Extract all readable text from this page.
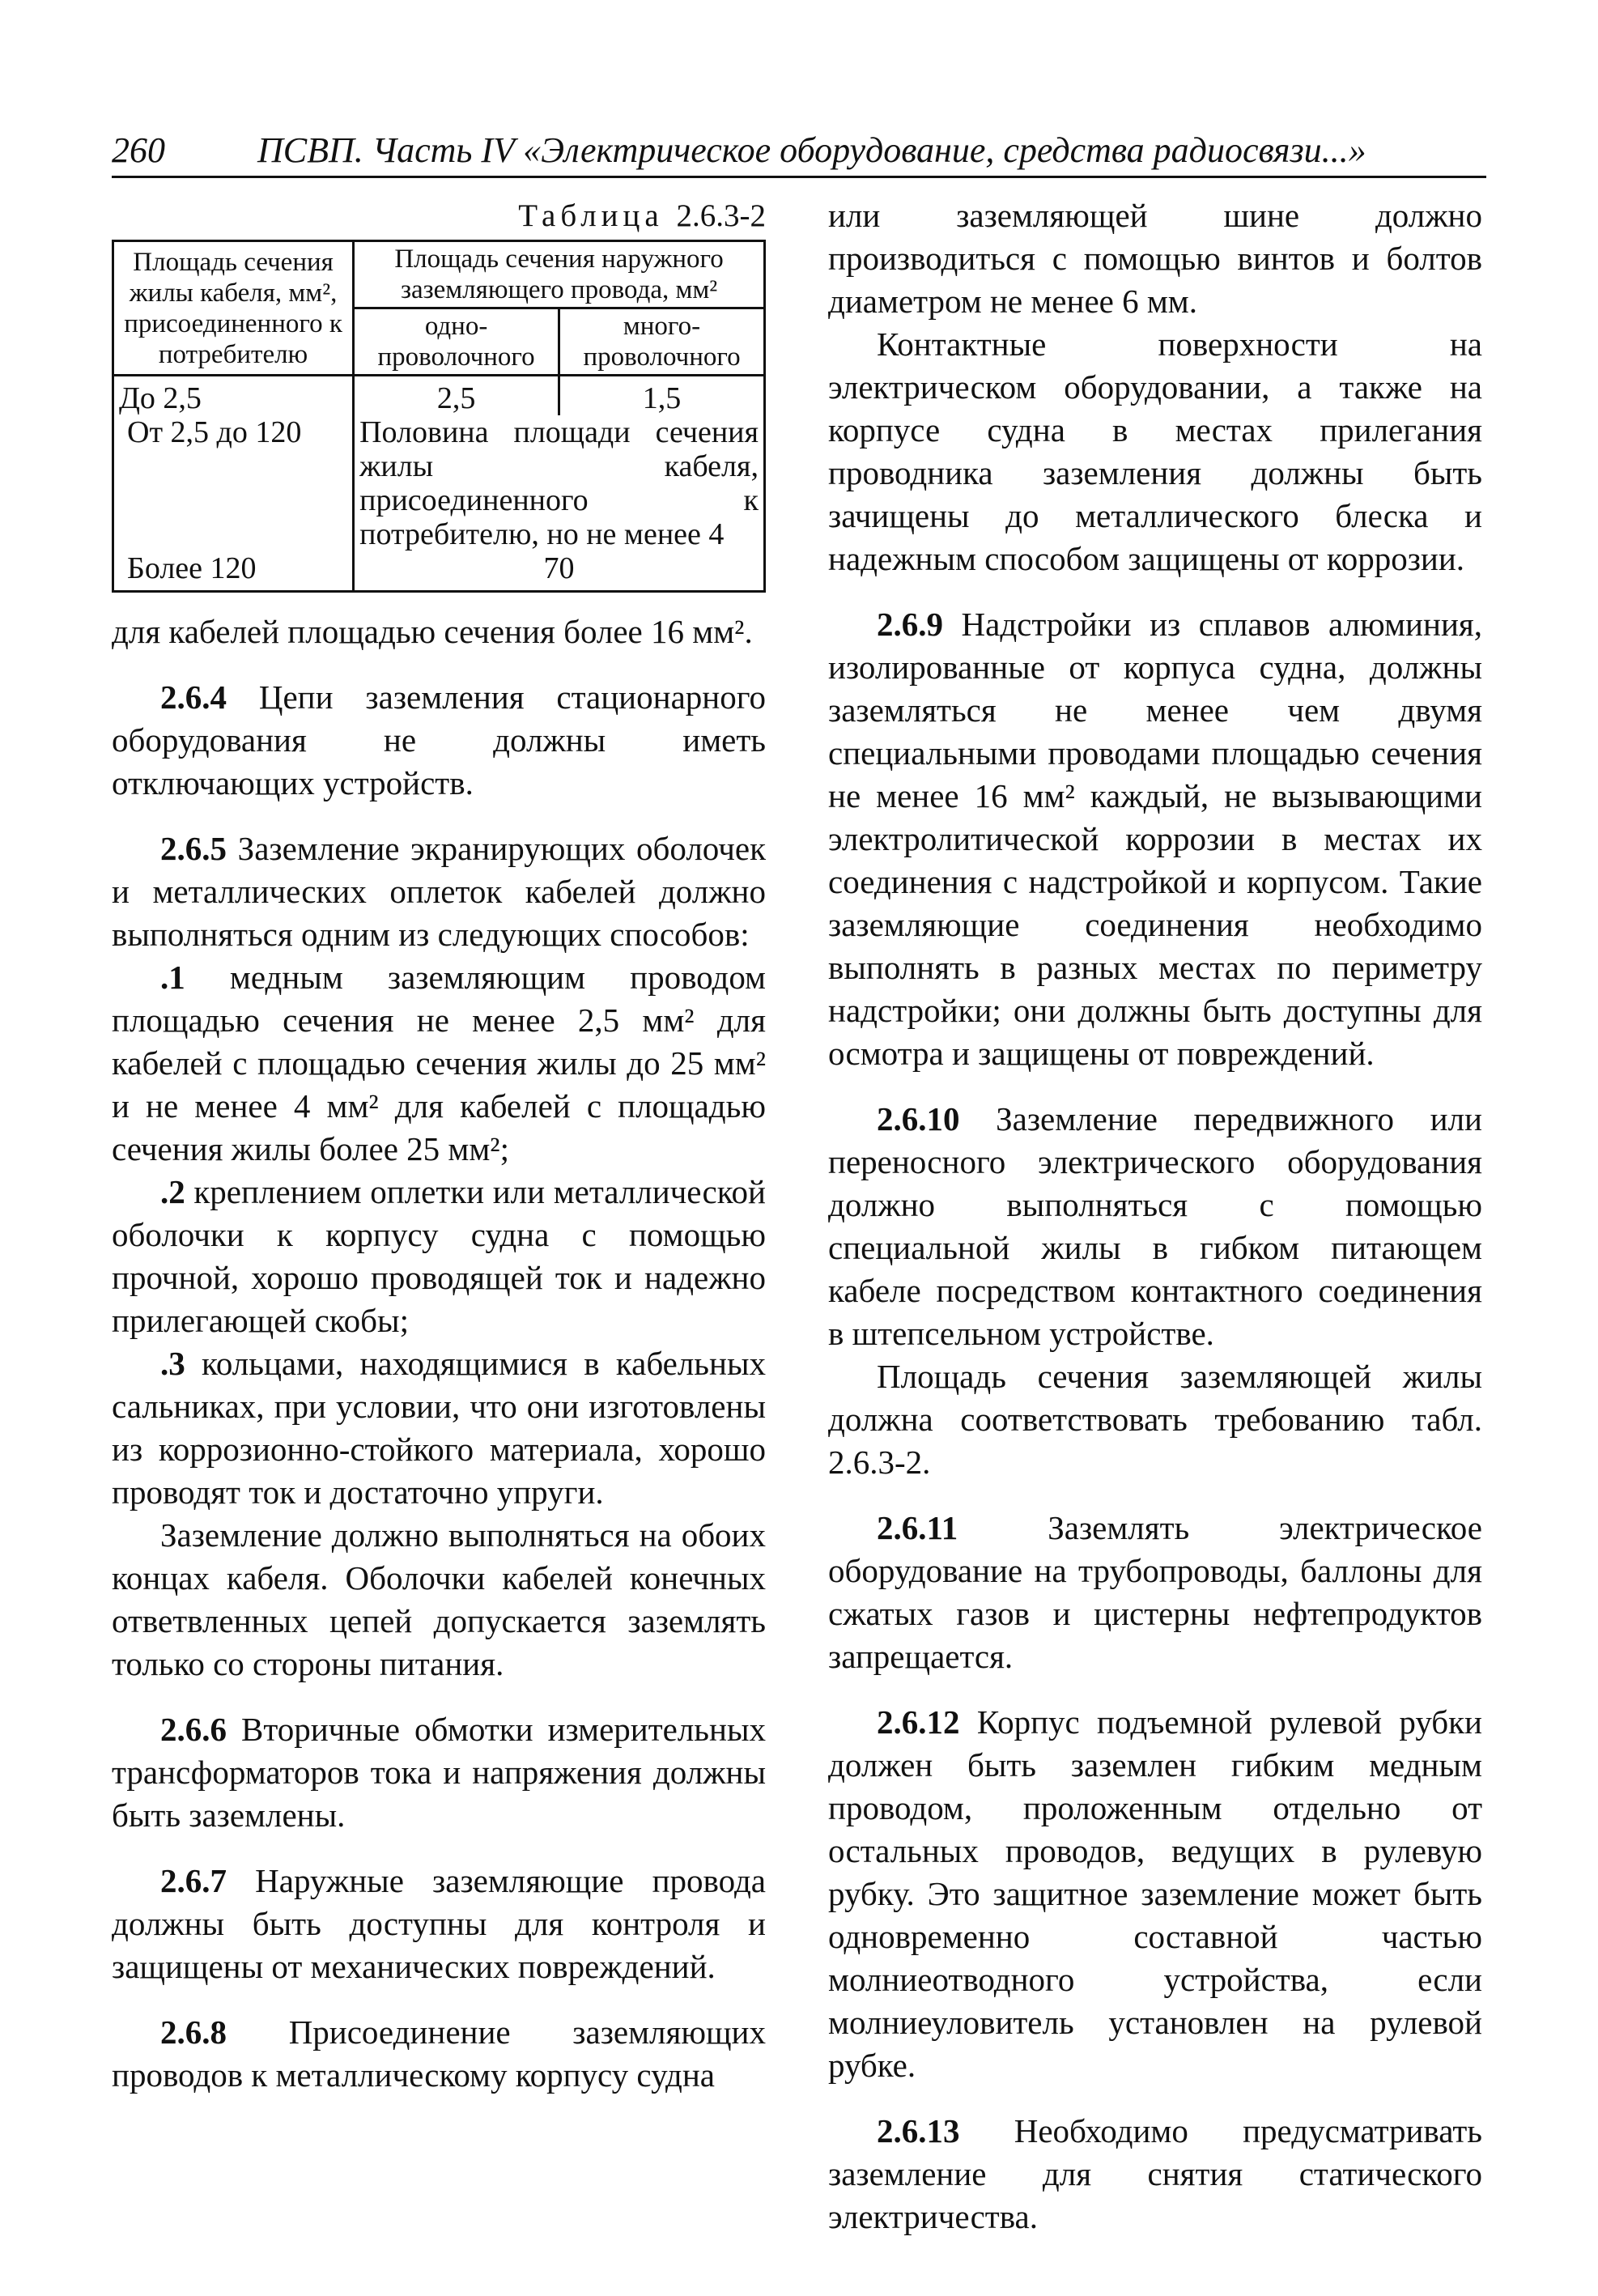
260	ПСВП. Часть IV «Электрическое оборудование, средства радиосвязи...»
Таблица 2.6.3-2
Площадь сечения жилы кабеля, мм², присоединенного к потребителю	Площадь сечения наружного заземляющего провода, мм²	
	одно-проволочного	много-проволочного
До 2,5	2,5	1,5
От 2,5 до 120	Половина площади сечения жилы кабеля, присоединенного к потребителю, но не менее 4	
Более 120	70	

для кабелей площадью сечения более 16 мм².

2.6.4 Цепи заземления стационарного оборудования не должны иметь отключающих устройств.

2.6.5 Заземление экранирующих оболочек и металлических оплеток кабелей должно выполняться одним из следующих способов:

.1 медным заземляющим проводом площадью сечения не менее 2,5 мм² для кабелей с площадью сечения жилы до 25 мм² и не менее 4 мм² для кабелей с площадью сечения жилы более 25 мм²;

.2 креплением оплетки или металлической оболочки к корпусу судна с помощью прочной, хорошо проводящей ток и надежно прилегающей скобы;

.3 кольцами, находящимися в кабельных сальниках, при условии, что они изготовлены из коррозионно-стойкого материала, хорошо проводят ток и достаточно упруги.

Заземление должно выполняться на обоих концах кабеля. Оболочки кабелей конечных ответвленных цепей допускается заземлять только со стороны питания.

2.6.6 Вторичные обмотки измерительных трансформаторов тока и напряжения должны быть заземлены.

2.6.7 Наружные заземляющие провода должны быть доступны для контроля и защищены от механических повреждений.

2.6.8 Присоединение заземляющих проводов к металлическому корпусу судна

или заземляющей шине должно производиться с помощью винтов и болтов диаметром не менее 6 мм.

Контактные поверхности на электрическом оборудовании, а также на корпусе судна в местах прилегания проводника заземления должны быть зачищены до металлического блеска и надежным способом защищены от коррозии.

2.6.9 Надстройки из сплавов алюминия, изолированные от корпуса судна, должны заземляться не менее чем двумя специальными проводами площадью сечения не менее 16 мм² каждый, не вызывающими электролитической коррозии в местах их соединения с надстройкой и корпусом. Такие заземляющие соединения необходимо выполнять в разных местах по периметру надстройки; они должны быть доступны для осмотра и защищены от повреждений.

2.6.10 Заземление передвижного или переносного электрического оборудования должно выполняться с помощью специальной жилы в гибком питающем кабеле посредством контактного соединения в штепсельном устройстве.

Площадь сечения заземляющей жилы должна соответствовать требованию табл. 2.6.3-2.

2.6.11	Заземлять электрическое оборудование на трубопроводы, баллоны для сжатых газов и цистерны нефтепродуктов запрещается.

2.6.12 Корпус подъемной рулевой рубки должен быть заземлен гибким медным проводом, проложенным отдельно от остальных проводов, ведущих в рулевую рубку. Это защитное заземление может быть одновременно составной частью молниеотводного устройства, если молниеуловитель установлен на рулевой рубке.

2.6.13 Необходимо предусматривать заземление для снятия статического электричества.
